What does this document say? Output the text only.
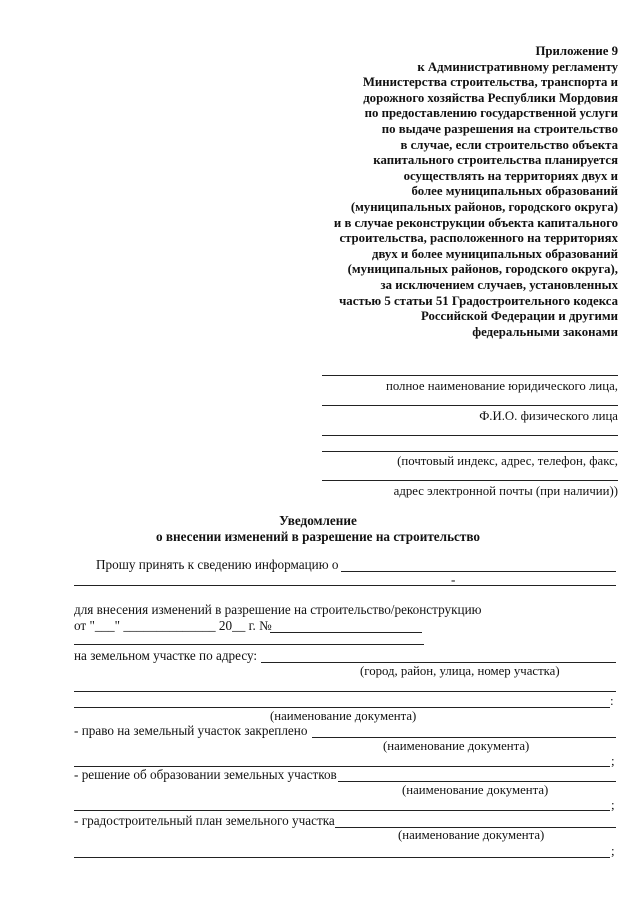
Приложение 9
к Административному регламенту
Министерства строительства, транспорта и
дорожного хозяйства Республики Мордовия
по предоставлению государственной услуги
по выдаче разрешения на строительство
в случае, если строительство объекта
капитального строительства планируется
осуществлять на территориях двух и
более муниципальных образований
(муниципальных районов, городского округа)
и в случае реконструкции объекта капитального
строительства, расположенного на территориях
двух и более муниципальных образований
(муниципальных районов, городского округа),
за исключением случаев, установленных
частью 5 статьи 51 Градостроительного кодекса
Российской Федерации и другими
федеральными законами
полное наименование юридического лица,
Ф.И.О. физического лица
(почтовый индекс, адрес, телефон, факс,
адрес электронной почты (при наличии))
Уведомление
о внесении изменений в разрешение на строительство
Прошу принять к сведению информацию о
-
для внесения изменений в разрешение на строительство/реконструкцию
от "___" ______________ 20__ г. №
на земельном участке по адресу:
(город, район, улица, номер участка)
:
(наименование документа)
- право на земельный участок закреплено
(наименование документа)
;
- решение об образовании земельных участков
(наименование документа)
;
- градостроительный план земельного участка
(наименование документа)
;
